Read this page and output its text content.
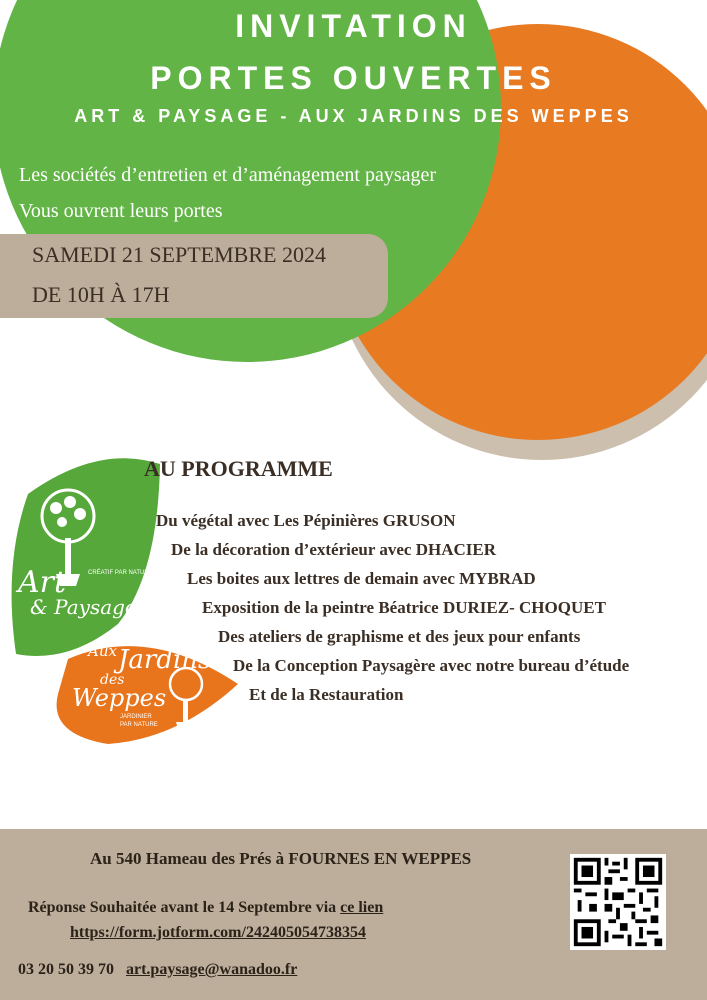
INVITATION
PORTES OUVERTES
ART & PAYSAGE - AUX JARDINS DES WEPPES
Les sociétés d’entretien et d’aménagement paysager
Vous ouvrent leurs portes
SAMEDI 21 SEPTEMBRE 2024
DE 10H À 17H
Art
& Paysage
CRÉATIF PAR NATURE
Aux Jardins
des
Weppes
JARDINIER
PAR NATURE
AU PROGRAMME
Du végétal avec Les Pépinières GRUSON
De la décoration d’extérieur avec DHACIER
Les boites aux lettres de demain avec MYBRAD
Exposition de la peintre Béatrice DURIEZ- CHOQUET
Des ateliers de graphisme et des jeux pour enfants
De la Conception Paysagère avec notre bureau d’étude
Et de la Restauration
Au 540 Hameau des Prés à FOURNES EN WEPPES
Réponse Souhaitée avant le 14 Septembre via ce lien
https://form.jotform.com/242405054738354
03 20 50 39 70 art.paysage@wanadoo.fr
